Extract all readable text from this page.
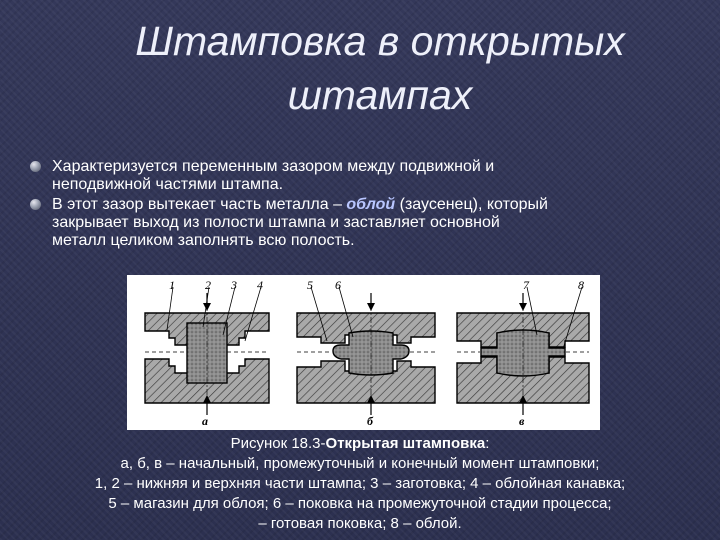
Штамповка в открытых
штампах
Характеризуется переменным зазором между подвижной и
неподвижной частями штампа.
В этот зазор вытекает часть металла – облой (заусенец), который
закрывает выход из полости штампа и заставляет основной
металл целиком заполнять всю полость.
1	2 3 4
а
5 6
б
7	8
в
Рисунок 18.3-Открытая штамповка:
а, б, в – начальный, промежуточный и конечный момент штамповки;
1, 2 – нижняя и верхняя части штампа; 3 – заготовка; 4 – облойная канавка;
5 – магазин для облоя; 6 – поковка на промежуточной стадии процесса;
– готовая поковка; 8 – облой.
